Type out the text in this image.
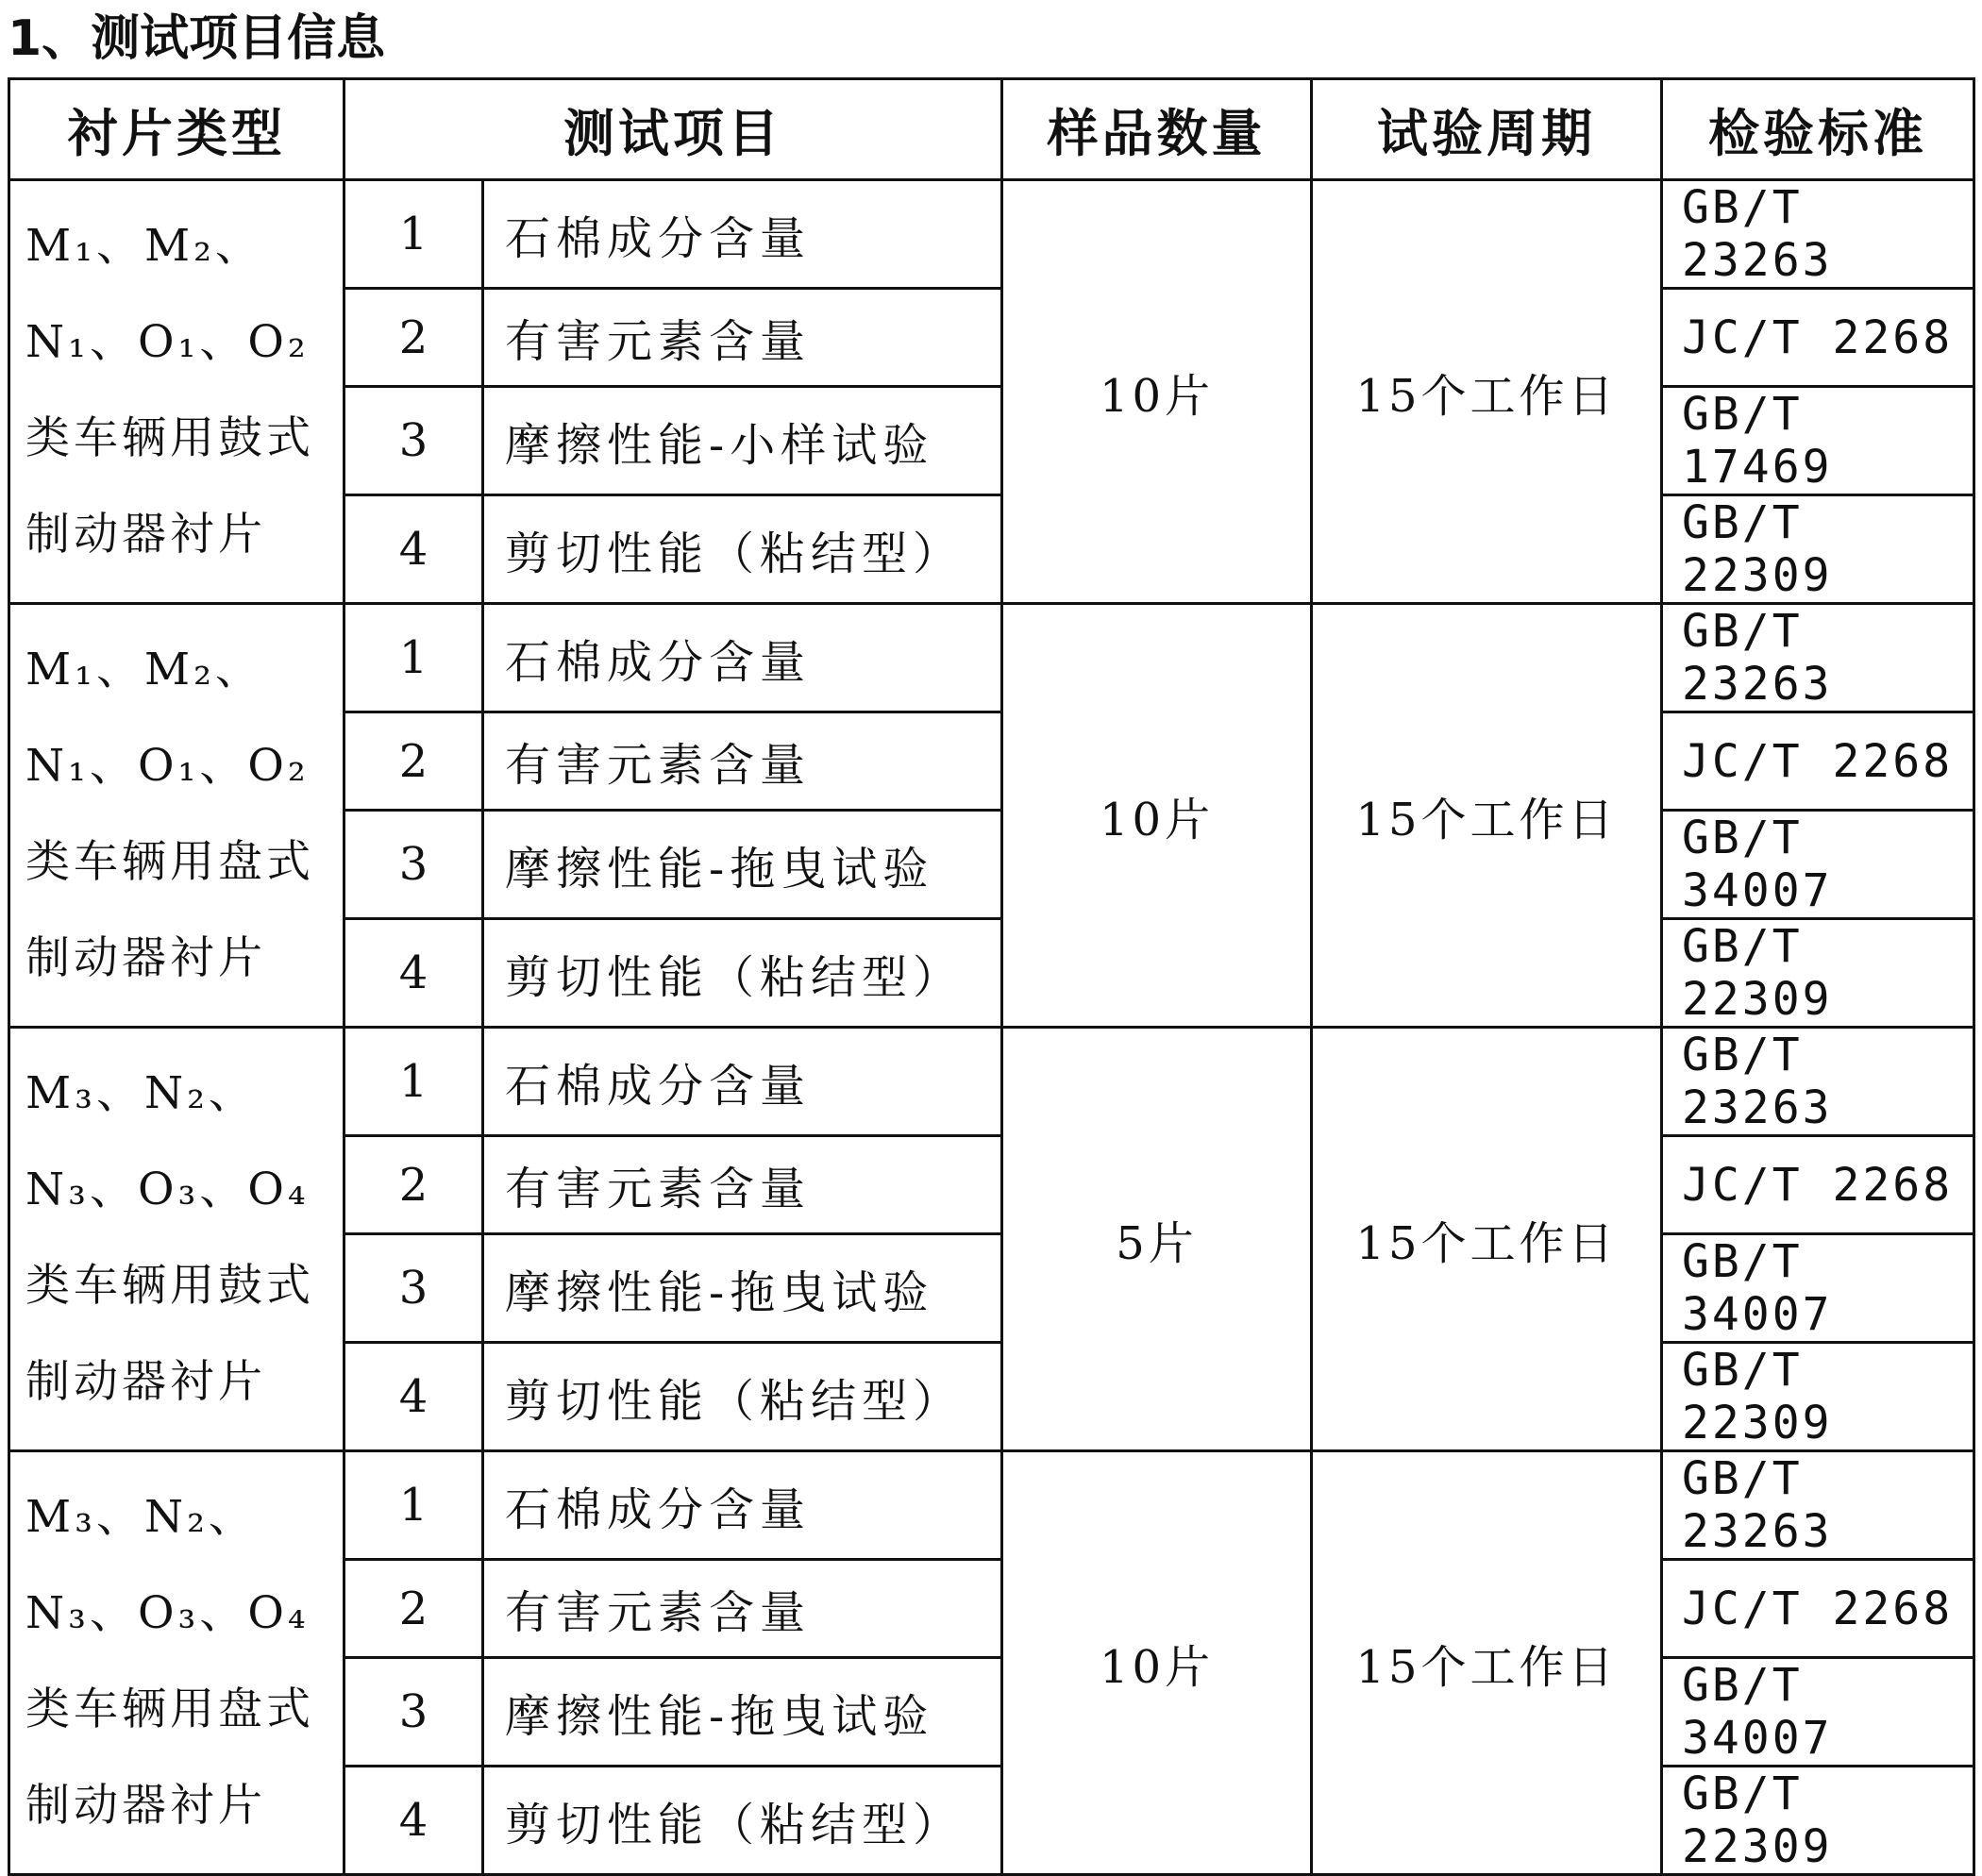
1、测试项目信息
衬片类型	测试项目		样品数量	试验周期	检验标准

M₁、M₂、N₁、O₁、O₂类车辆用鼓式制动器衬片	1	石棉成分含量	10片	15个工作日	GB/T 23263
	2	有害元素含量			JC/T 2268
	3	摩擦性能-小样试验			GB/T 17469
	4	剪切性能（粘结型）			GB/T 22309

M₁、M₂、N₁、O₁、O₂类车辆用盘式制动器衬片	1	石棉成分含量	10片	15个工作日	GB/T 23263
	2	有害元素含量			JC/T 2268
	3	摩擦性能-拖曳试验			GB/T 34007
	4	剪切性能（粘结型）			GB/T 22309

M₃、N₂、N₃、O₃、O₄类车辆用鼓式制动器衬片	1	石棉成分含量	5片	15个工作日	GB/T 23263
	2	有害元素含量			JC/T 2268
	3	摩擦性能-拖曳试验			GB/T 34007
	4	剪切性能（粘结型）			GB/T 22309

M₃、N₂、N₃、O₃、O₄类车辆用盘式制动器衬片	1	石棉成分含量	10片	15个工作日	GB/T 23263
	2	有害元素含量			JC/T 2268
	3	摩擦性能-拖曳试验			GB/T 34007
	4	剪切性能（粘结型）			GB/T 22309
